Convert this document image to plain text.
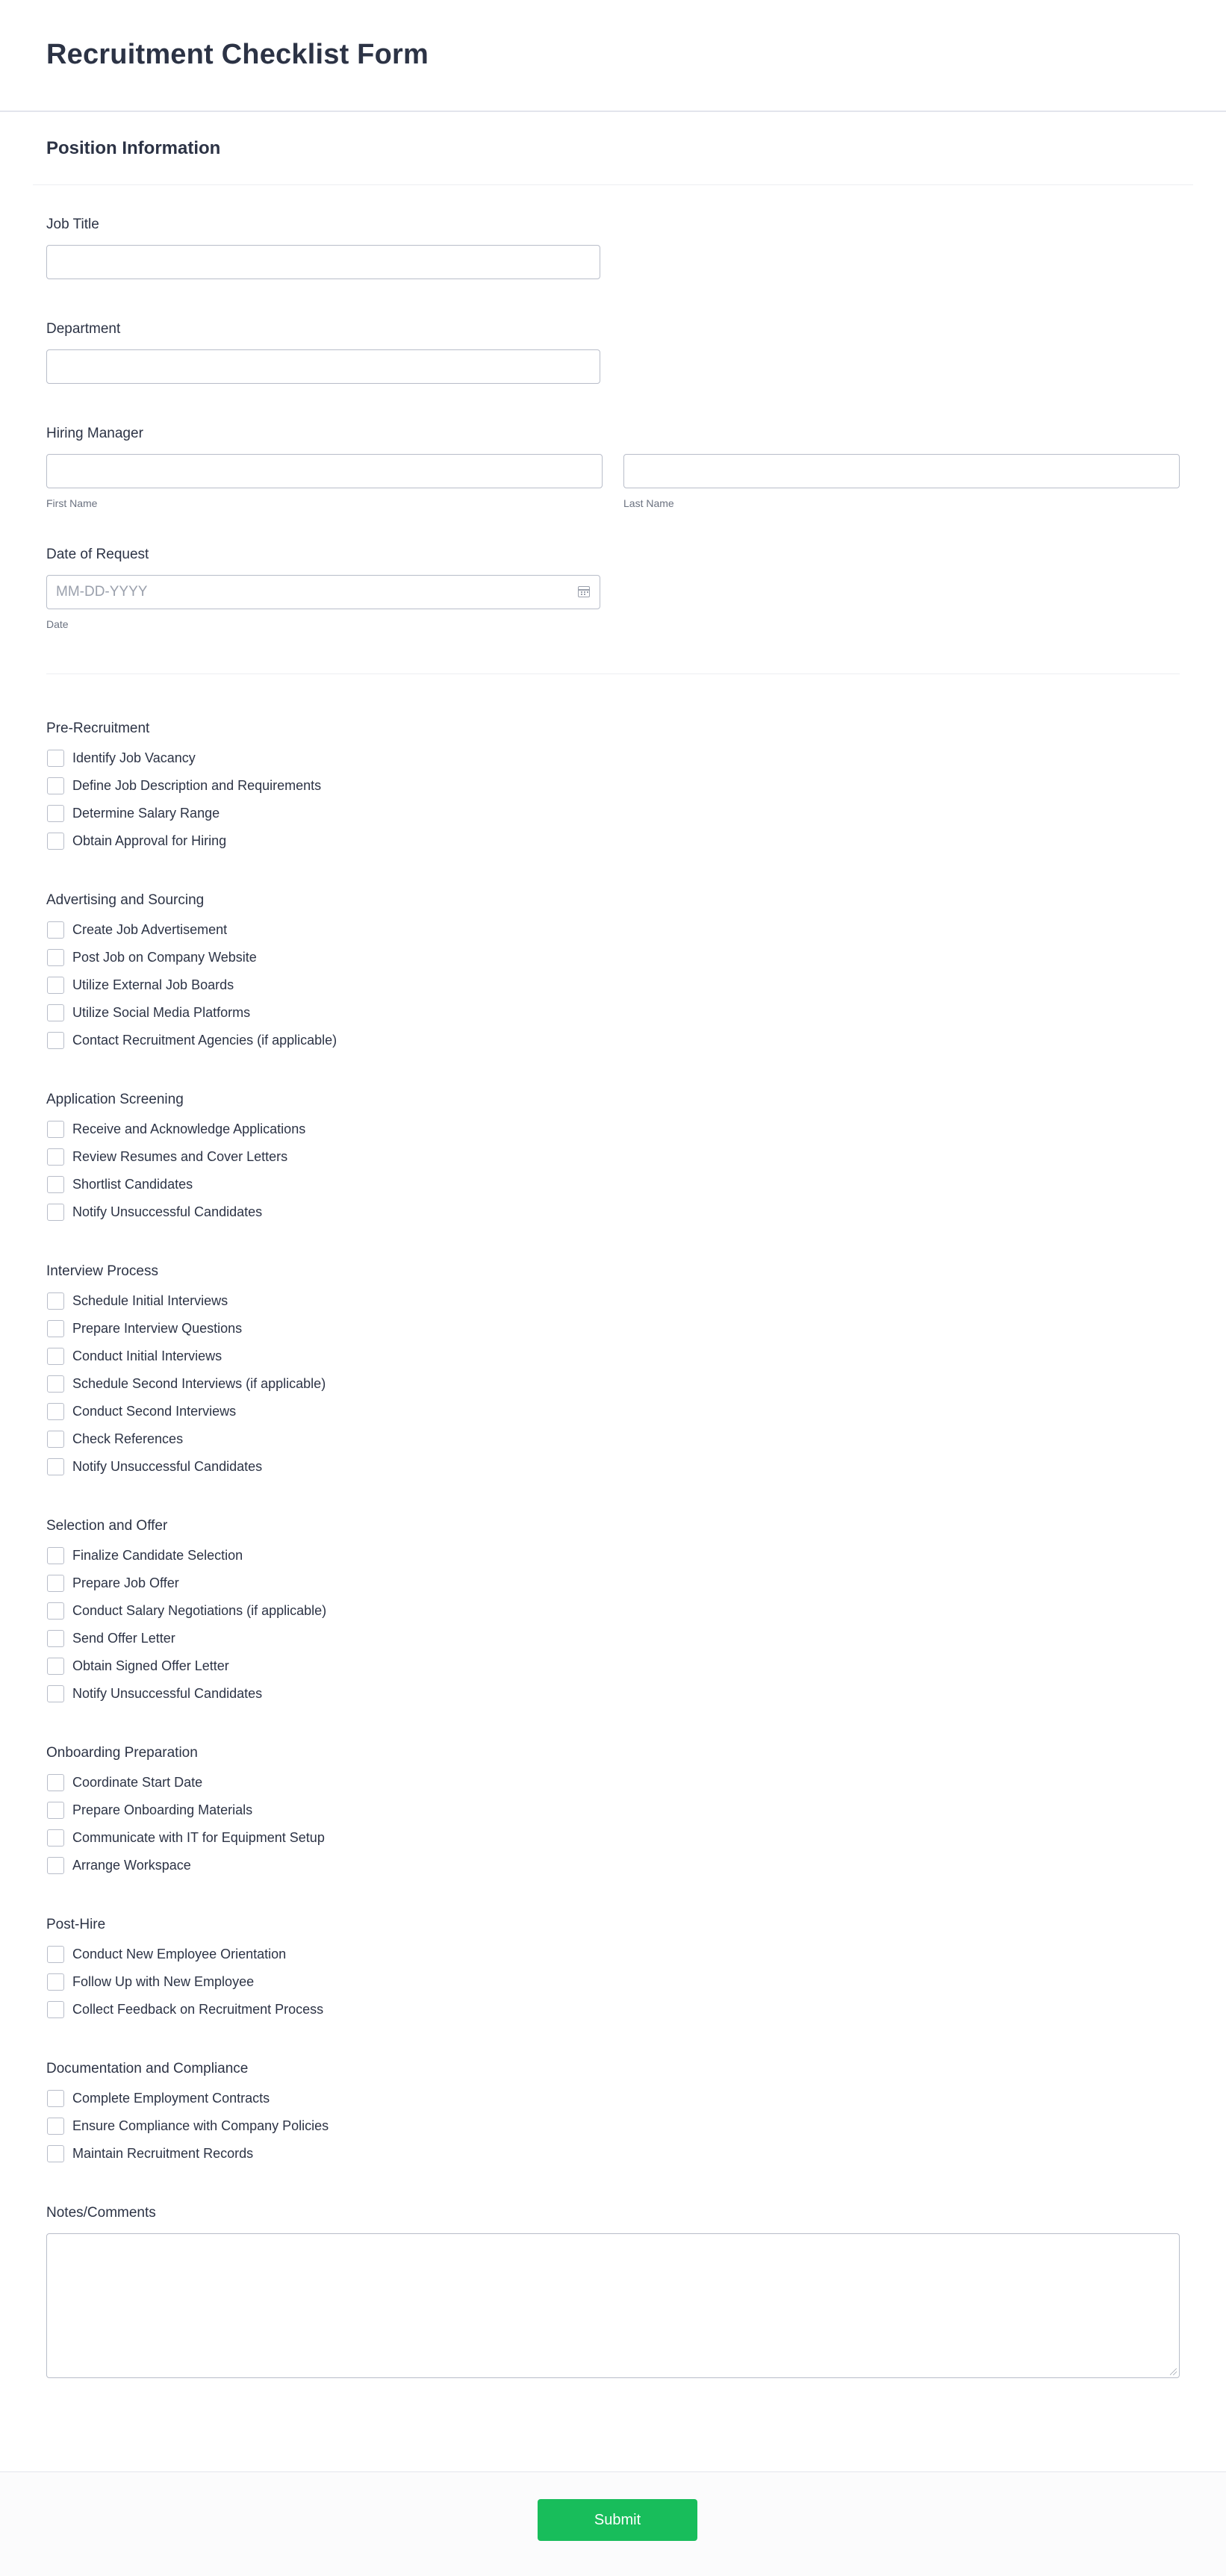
Recruitment Checklist Form
Position Information
Job Title
Department
Hiring Manager
First Name	Last Name
Date of Request
MM-DD-YYYY
Date
Pre-Recruitment
Identify Job Vacancy
Define Job Description and Requirements
Determine Salary Range
Obtain Approval for Hiring
Advertising and Sourcing
Create Job Advertisement
Post Job on Company Website
Utilize External Job Boards
Utilize Social Media Platforms
Contact Recruitment Agencies (if applicable)
Application Screening
Receive and Acknowledge Applications
Review Resumes and Cover Letters
Shortlist Candidates
Notify Unsuccessful Candidates
Interview Process
Schedule Initial Interviews
Prepare Interview Questions
Conduct Initial Interviews
Schedule Second Interviews (if applicable)
Conduct Second Interviews
Check References
Notify Unsuccessful Candidates
Selection and Offer
Finalize Candidate Selection
Prepare Job Offer
Conduct Salary Negotiations (if applicable)
Send Offer Letter
Obtain Signed Offer Letter
Notify Unsuccessful Candidates
Onboarding Preparation
Coordinate Start Date
Prepare Onboarding Materials
Communicate with IT for Equipment Setup
Arrange Workspace
Post-Hire
Conduct New Employee Orientation
Follow Up with New Employee
Collect Feedback on Recruitment Process
Documentation and Compliance
Complete Employment Contracts
Ensure Compliance with Company Policies
Maintain Recruitment Records
Notes/Comments
Submit
